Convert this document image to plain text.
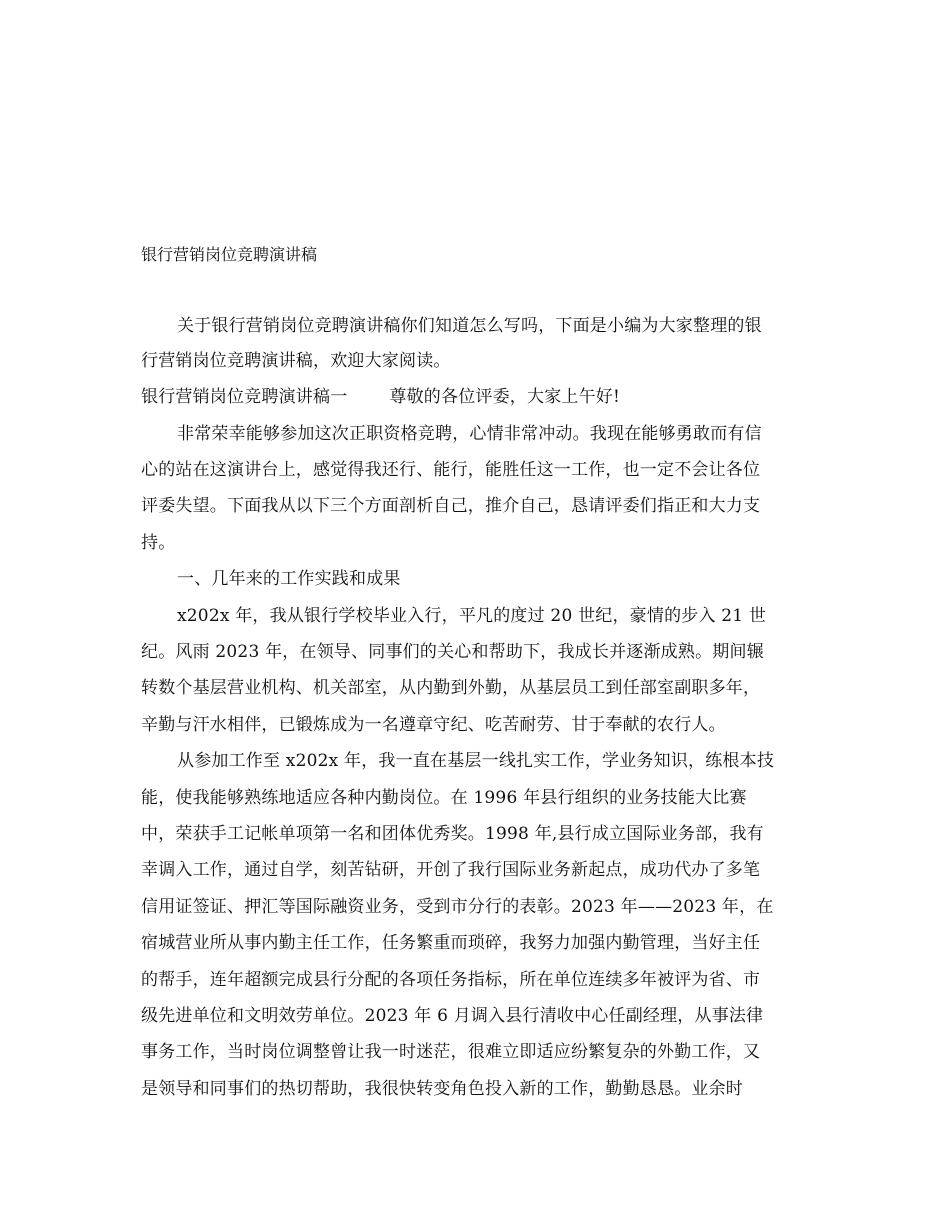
银行营销岗位竞聘演讲稿
关于银行营销岗位竞聘演讲稿你们知道怎么写吗，下面是小编为大家整理的银
行营销岗位竞聘演讲稿，欢迎大家阅读。
银行营销岗位竞聘演讲稿一 尊敬的各位评委，大家上午好!
非常荣幸能够参加这次正职资格竞聘，心情非常冲动。我现在能够勇敢而有信
心的站在这演讲台上，感觉得我还行、能行，能胜任这一工作，也一定不会让各位
评委失望。下面我从以下三个方面剖析自己，推介自己，恳请评委们指正和大力支
持。
一、几年来的工作实践和成果
x202x 年，我从银行学校毕业入行，平凡的度过 20 世纪，豪情的步入 21 世
纪。风雨 2023 年，在领导、同事们的关心和帮助下，我成长并逐渐成熟。期间辗
转数个基层营业机构、机关部室，从内勤到外勤，从基层员工到任部室副职多年，
辛勤与汗水相伴，已锻炼成为一名遵章守纪、吃苦耐劳、甘于奉献的农行人。
从参加工作至 x202x 年，我一直在基层一线扎实工作，学业务知识，练根本技
能，使我能够熟练地适应各种内勤岗位。在 1996 年县行组织的业务技能大比赛
中，荣获手工记帐单项第一名和团体优秀奖。1998 年,县行成立国际业务部，我有
幸调入工作，通过自学，刻苦钻研，开创了我行国际业务新起点，成功代办了多笔
信用证签证、押汇等国际融资业务，受到市分行的表彰。2023 年——2023 年，在
宿城营业所从事内勤主任工作，任务繁重而琐碎，我努力加强内勤管理，当好主任
的帮手，连年超额完成县行分配的各项任务指标，所在单位连续多年被评为省、市
级先进单位和文明效劳单位。2023 年 6 月调入县行清收中心任副经理，从事法律
事务工作，当时岗位调整曾让我一时迷茫，很难立即适应纷繁复杂的外勤工作，又
是领导和同事们的热切帮助，我很快转变角色投入新的工作，勤勤恳恳。业余时
